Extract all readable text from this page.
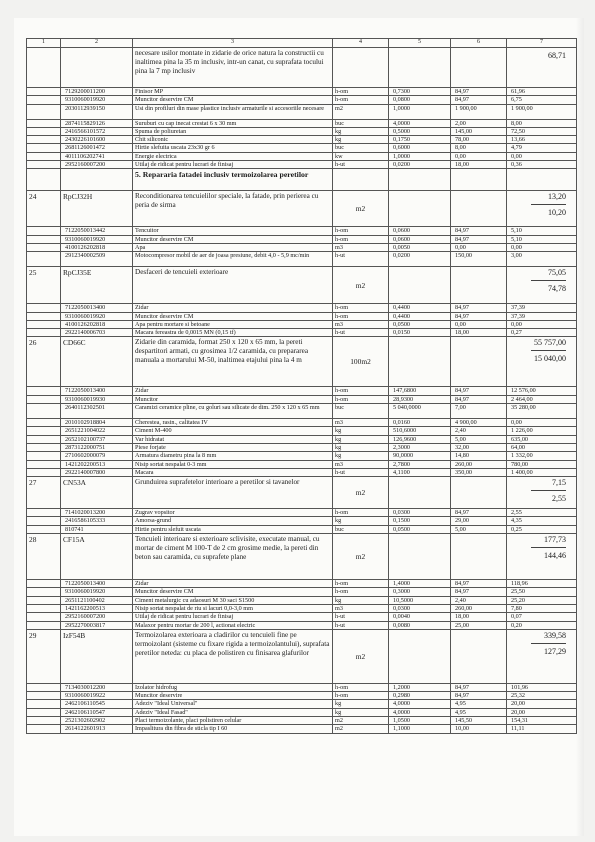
1	2	3	4	5	6	7
		necesare usilor montate in zidarie de orice natura la constructii cu inaltimea pina la 35 m inclusiv, intr-un canat, cu suprafata tocului pina la 7 mp inclusiv				68,71

	7129200011200	Finisor MP	h-om	0,7300	84,97	61,96
	9310060019920	Muncitor deservire CM	h-om	0,0800	84,97	6,75
	2030112939150	Usi din profiluri din mase plastice inclusiv armaturile si accesoriile necesare	m2	1,0000	1 900,00	1 900,00
	2874115829126	Suruburi cu cap inecat crestat 6 x 30 mm	buc	4,0000	2,00	8,00
	2416566101572	Spuma de poliuretan	kg	0,5000	145,00	72,50
	2430226101600	Chit siliconic	kg	0,1750	78,00	13,66
	2681126001472	Hirtie slefuita uscata 23x30 gr 6	buc	0,6000	8,00	4,79
	4011106202741	Energie electrica	kw	1,0000	0,00	0,00
	2952160007200	Utilaj de ridicat pentru lucrari de finisaj	h-ut	0,0200	18,00	0,36
		5. Repararia fatadei inclusiv termoizolarea peretilor				

24	RpCJ32H	Reconditionarea tencuielilor speciale, la fatade, prin perierea cu peria de sirma	m2			13,20
10,20

	7122050013442	Tencuitor	h-om	0,0600	84,97	5,10
	9310060019920	Muncitor deservire CM	h-om	0,0600	84,97	5,10
	4100126202818	Apa	m3	0,0050	0,00	0,00
	2912340002509	Motocompresor mobil de aer de joasa presiune, debit 4,0 - 5,9 mc/min	h-ut	0,0200	150,00	3,00
25	RpCJ35E	Desfaceri de tencuieli exterioare	m2			75,05
74,78

	7122050013400	Zidar	h-om	0,4400	84,97	37,39
	9310060019920	Muncitor deservire CM	h-om	0,4400	84,97	37,39
	4100126202818	Apa pentru mortare si betoane	m3	0,0500	0,00	0,00
	2922140006703	Macara fereastra de 0,0015 MN (0,15 tf)	h-ut	0,0150	18,00	0,27
26	CD66C	Zidarie din caramida, format 250 x 120 x 65 mm, la pereti despartitori armati, cu grosimea 1/2 caramida, cu prepararea manuala a mortarului M-50, inaltimea etajului pina la 4 m	100m2			55 757,00
15 040,00

	7122050013400	Zidar	h-om	147,6800	84,97	12 576,00
	9310060019930	Muncitor	h-om	28,9300	84,97	2 464,00
	2640112302501	Caramizi ceramice pline, cu goluri sau silicate de dim. 250 x 120 x 65 mm	buc	5 040,0000	7,00	35 280,00
	2010102918804	Cherestea, rasin., calitatea IV	m3	0,0160	4 900,00	0,00
	2651221004022	Ciment M-400	kg	510,6000	2,40	1 226,00
	2652102100737	Var hidratat	kg	126,9600	5,00	635,00
	2873122000751	Piese forjate	kg	2,3000	32,00	64,00
	2710602000079	Armatura diametru pina la 8 mm	kg	90,0000	14,80	1 332,00
	1421202200513	Nisip sortat nespalat 0-3 mm	m3	2,7800	260,00	780,00
	2922140007800	Macara	h-ut	4,1100	350,00	1 400,00
27	CN53A	Grunduirea suprafetelor interioare a peretilor si tavanelor	m2			7,15
2,55

	7141020013200	Zugrav vopsitor	h-om	0,0300	84,97	2,55
	2416586105333	Amorsa-grund	kg	0,1500	29,00	4,35
	810741	Hirtie pentru slefuit uscata	buc	0,0500	5,00	0,25
28	CF15A	Tencuieli interioare si exterioare sclivisite, executate manual, cu mortar de ciment M 100-T de 2 cm grosime medie, la pereti din beton sau caramida, cu suprafete plane	m2			177,73
144,46

	7122050013400	Zidar	h-om	1,4000	84,97	118,96
	9310060019920	Muncitor deservire CM	h-om	0,3000	84,97	25,50
	2651121100402	Ciment metalurgic cu adaosuri M 30 saci S1500	kg	10,5000	2,40	25,20
	1421162200513	Nisip sortat nespalat de riu si lacuri 0,0-3,0 mm	m3	0,0300	260,00	7,80
	2952160007200	Utilaj de ridicat pentru lucrari de finisaj	h-ut	0,0040	18,00	0,07
	2952270003817	Malaxor pentru mortar de 200 l, actionat electric	h-ut	0,0080	25,00	0,20
29	IzF54B	Termoizolarea exterioara a cladirilor cu tencuieli fine pe termoizolant (sisteme cu fixare rigida a termoizolantului), suprafata peretilor neteda: cu placa de polistiren cu finisarea glafurilor	m2			339,58
127,29

	7134030012200	Izolator hidrofug	h-om	1,2000	84,97	101,96
	9310060019922	Muncitor deservire	h-om	0,2980	84,97	25,32
	2462106110545	Adeziv "Ideal Universal"	kg	4,0000	4,95	20,00
	2462106110547	Adeziv "Ideal Fasad"	kg	4,0000	4,95	20,00
	2521302602902	Placi termoizolante, placi polistiren celular	m2	1,0500	145,50	154,31
	2614122601913	Impaslitura din fibra de sticla tip I 60	m2	1,1000	10,00	11,11
